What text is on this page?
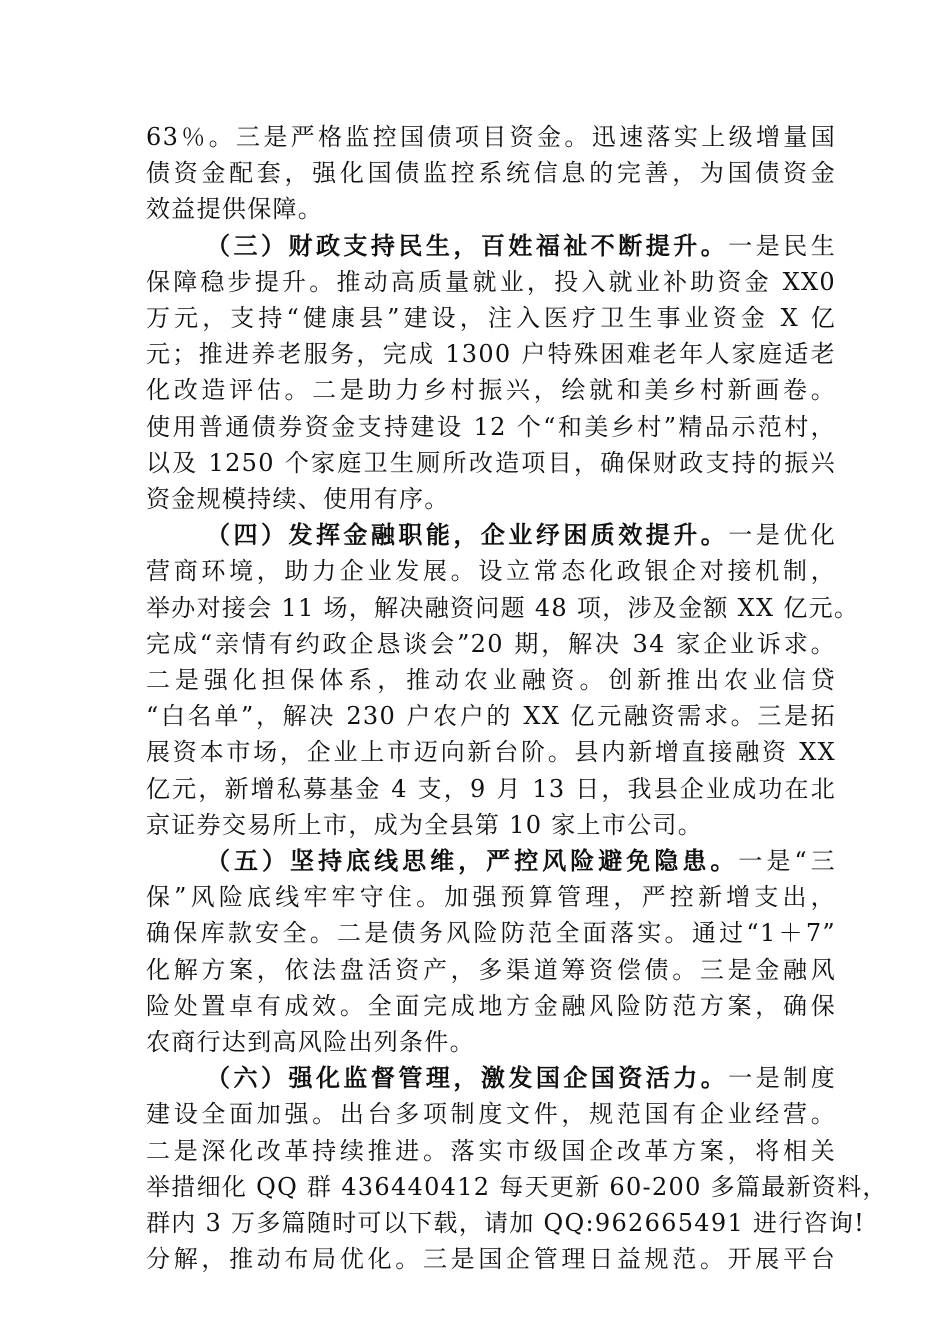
63％。三是严格监控国债项目资金。迅速落实上级增量国
债资金配套，强化国债监控系统信息的完善，为国债资金
效益提供保障。
（三）财政支持民生，百姓福祉不断提升。一是民生
保障稳步提升。推动高质量就业，投入就业补助资金 XX0
万元，支持“健康县”建设，注入医疗卫生事业资金 X 亿
元；推进养老服务，完成 1300 户特殊困难老年人家庭适老
化改造评估。二是助力乡村振兴，绘就和美乡村新画卷。
使用普通债券资金支持建设 12 个“和美乡村”精品示范村，
以及 1250 个家庭卫生厕所改造项目，确保财政支持的振兴
资金规模持续、使用有序。
（四）发挥金融职能，企业纾困质效提升。一是优化
营商环境，助力企业发展。设立常态化政银企对接机制，
举办对接会 11 场，解决融资问题 48 项，涉及金额 XX 亿元。
完成“亲情有约政企恳谈会”20 期，解决 34 家企业诉求。
二是强化担保体系，推动农业融资。创新推出农业信贷
“白名单”，解决 230 户农户的 XX 亿元融资需求。三是拓
展资本市场，企业上市迈向新台阶。县内新增直接融资 XX
亿元，新增私募基金 4 支，9 月 13 日，我县企业成功在北
京证券交易所上市，成为全县第 10 家上市公司。
（五）坚持底线思维，严控风险避免隐患。一是“三
保”风险底线牢牢守住。加强预算管理，严控新增支出，
确保库款安全。二是债务风险防范全面落实。通过“1＋7”
化解方案，依法盘活资产，多渠道筹资偿债。三是金融风
险处置卓有成效。全面完成地方金融风险防范方案，确保
农商行达到高风险出列条件。
（六）强化监督管理，激发国企国资活力。一是制度
建设全面加强。出台多项制度文件，规范国有企业经营。
二是深化改革持续推进。落实市级国企改革方案，将相关
举措细化 QQ 群 436440412 每天更新 60-200 多篇最新资料，
群内 3 万多篇随时可以下载，请加 QQ:962665491 进行咨询!
分解，推动布局优化。三是国企管理日益规范。开展平台
